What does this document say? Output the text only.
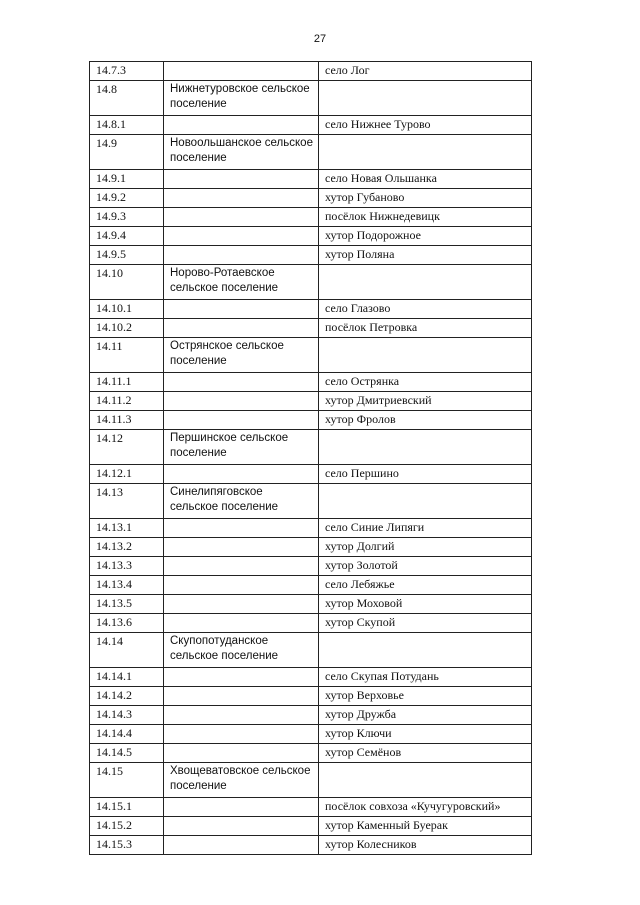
27
14.7.3		село Лог
14.8	Нижнетуровское сельское поселение	
14.8.1		село Нижнее Турово
14.9	Новоольшанское сельское поселение	
14.9.1		село Новая Ольшанка
14.9.2		хутор Губаново
14.9.3		посёлок Нижнедевицк
14.9.4		хутор Подорожное
14.9.5		хутор Поляна
14.10	Норово-Ротаевское сельское поселение	
14.10.1		село Глазово
14.10.2		посёлок Петровка
14.11	Острянское сельское поселение	
14.11.1		село Острянка
14.11.2		хутор Дмитриевский
14.11.3		хутор Фролов
14.12	Першинское сельское поселение	
14.12.1		село Першино
14.13	Синелипяговское сельское поселение	
14.13.1		село Синие Липяги
14.13.2		хутор Долгий
14.13.3		хутор Золотой
14.13.4		село Лебяжье
14.13.5		хутор Моховой
14.13.6		хутор Скупой
14.14	Скупопотуданское сельское поселение	
14.14.1		село Скупая Потудань
14.14.2		хутор Верховье
14.14.3		хутор Дружба
14.14.4		хутор Ключи
14.14.5		хутор Семёнов
14.15	Хвощеватовское сельское поселение	
14.15.1		посёлок совхоза «Кучугуровский»
14.15.2		хутор Каменный Буерак
14.15.3		хутор Колесников
